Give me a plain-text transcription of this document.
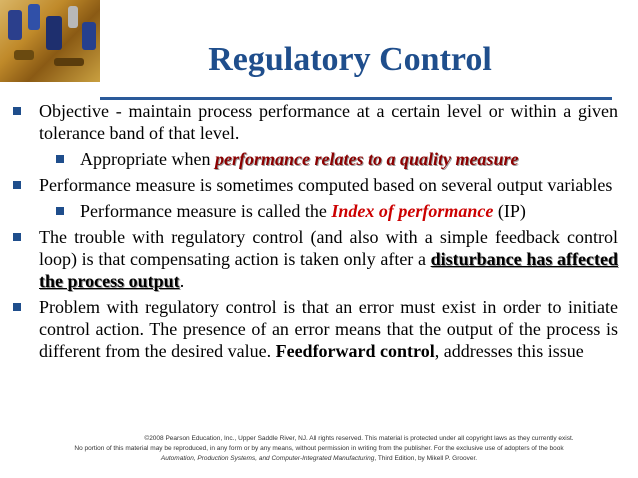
Regulatory Control

Objective - maintain process performance at a certain level or within a given tolerance band of that level.

Appropriate when performance relates to a quality measure

Performance measure is sometimes computed based on several output variables

Performance measure is called the Index of performance (IP)

The trouble with regulatory control (and also with a simple feedback control loop) is that compensating action is taken only after a disturbance has affected the process output.

Problem with regulatory control is that an error must exist in order to initiate control action. The presence of an error means that the output of the process is different from the desired value. Feedforward control, addresses this issue

©2008 Pearson Education, Inc., Upper Saddle River, NJ. All rights reserved. This material is protected under all copyright laws as they currently exist.
No portion of this material may be reproduced, in any form or by any means, without permission in writing from the publisher. For the exclusive use of adopters of the book
Automation, Production Systems, and Computer-Integrated Manufacturing, Third Edition, by Mikell P. Groover.
